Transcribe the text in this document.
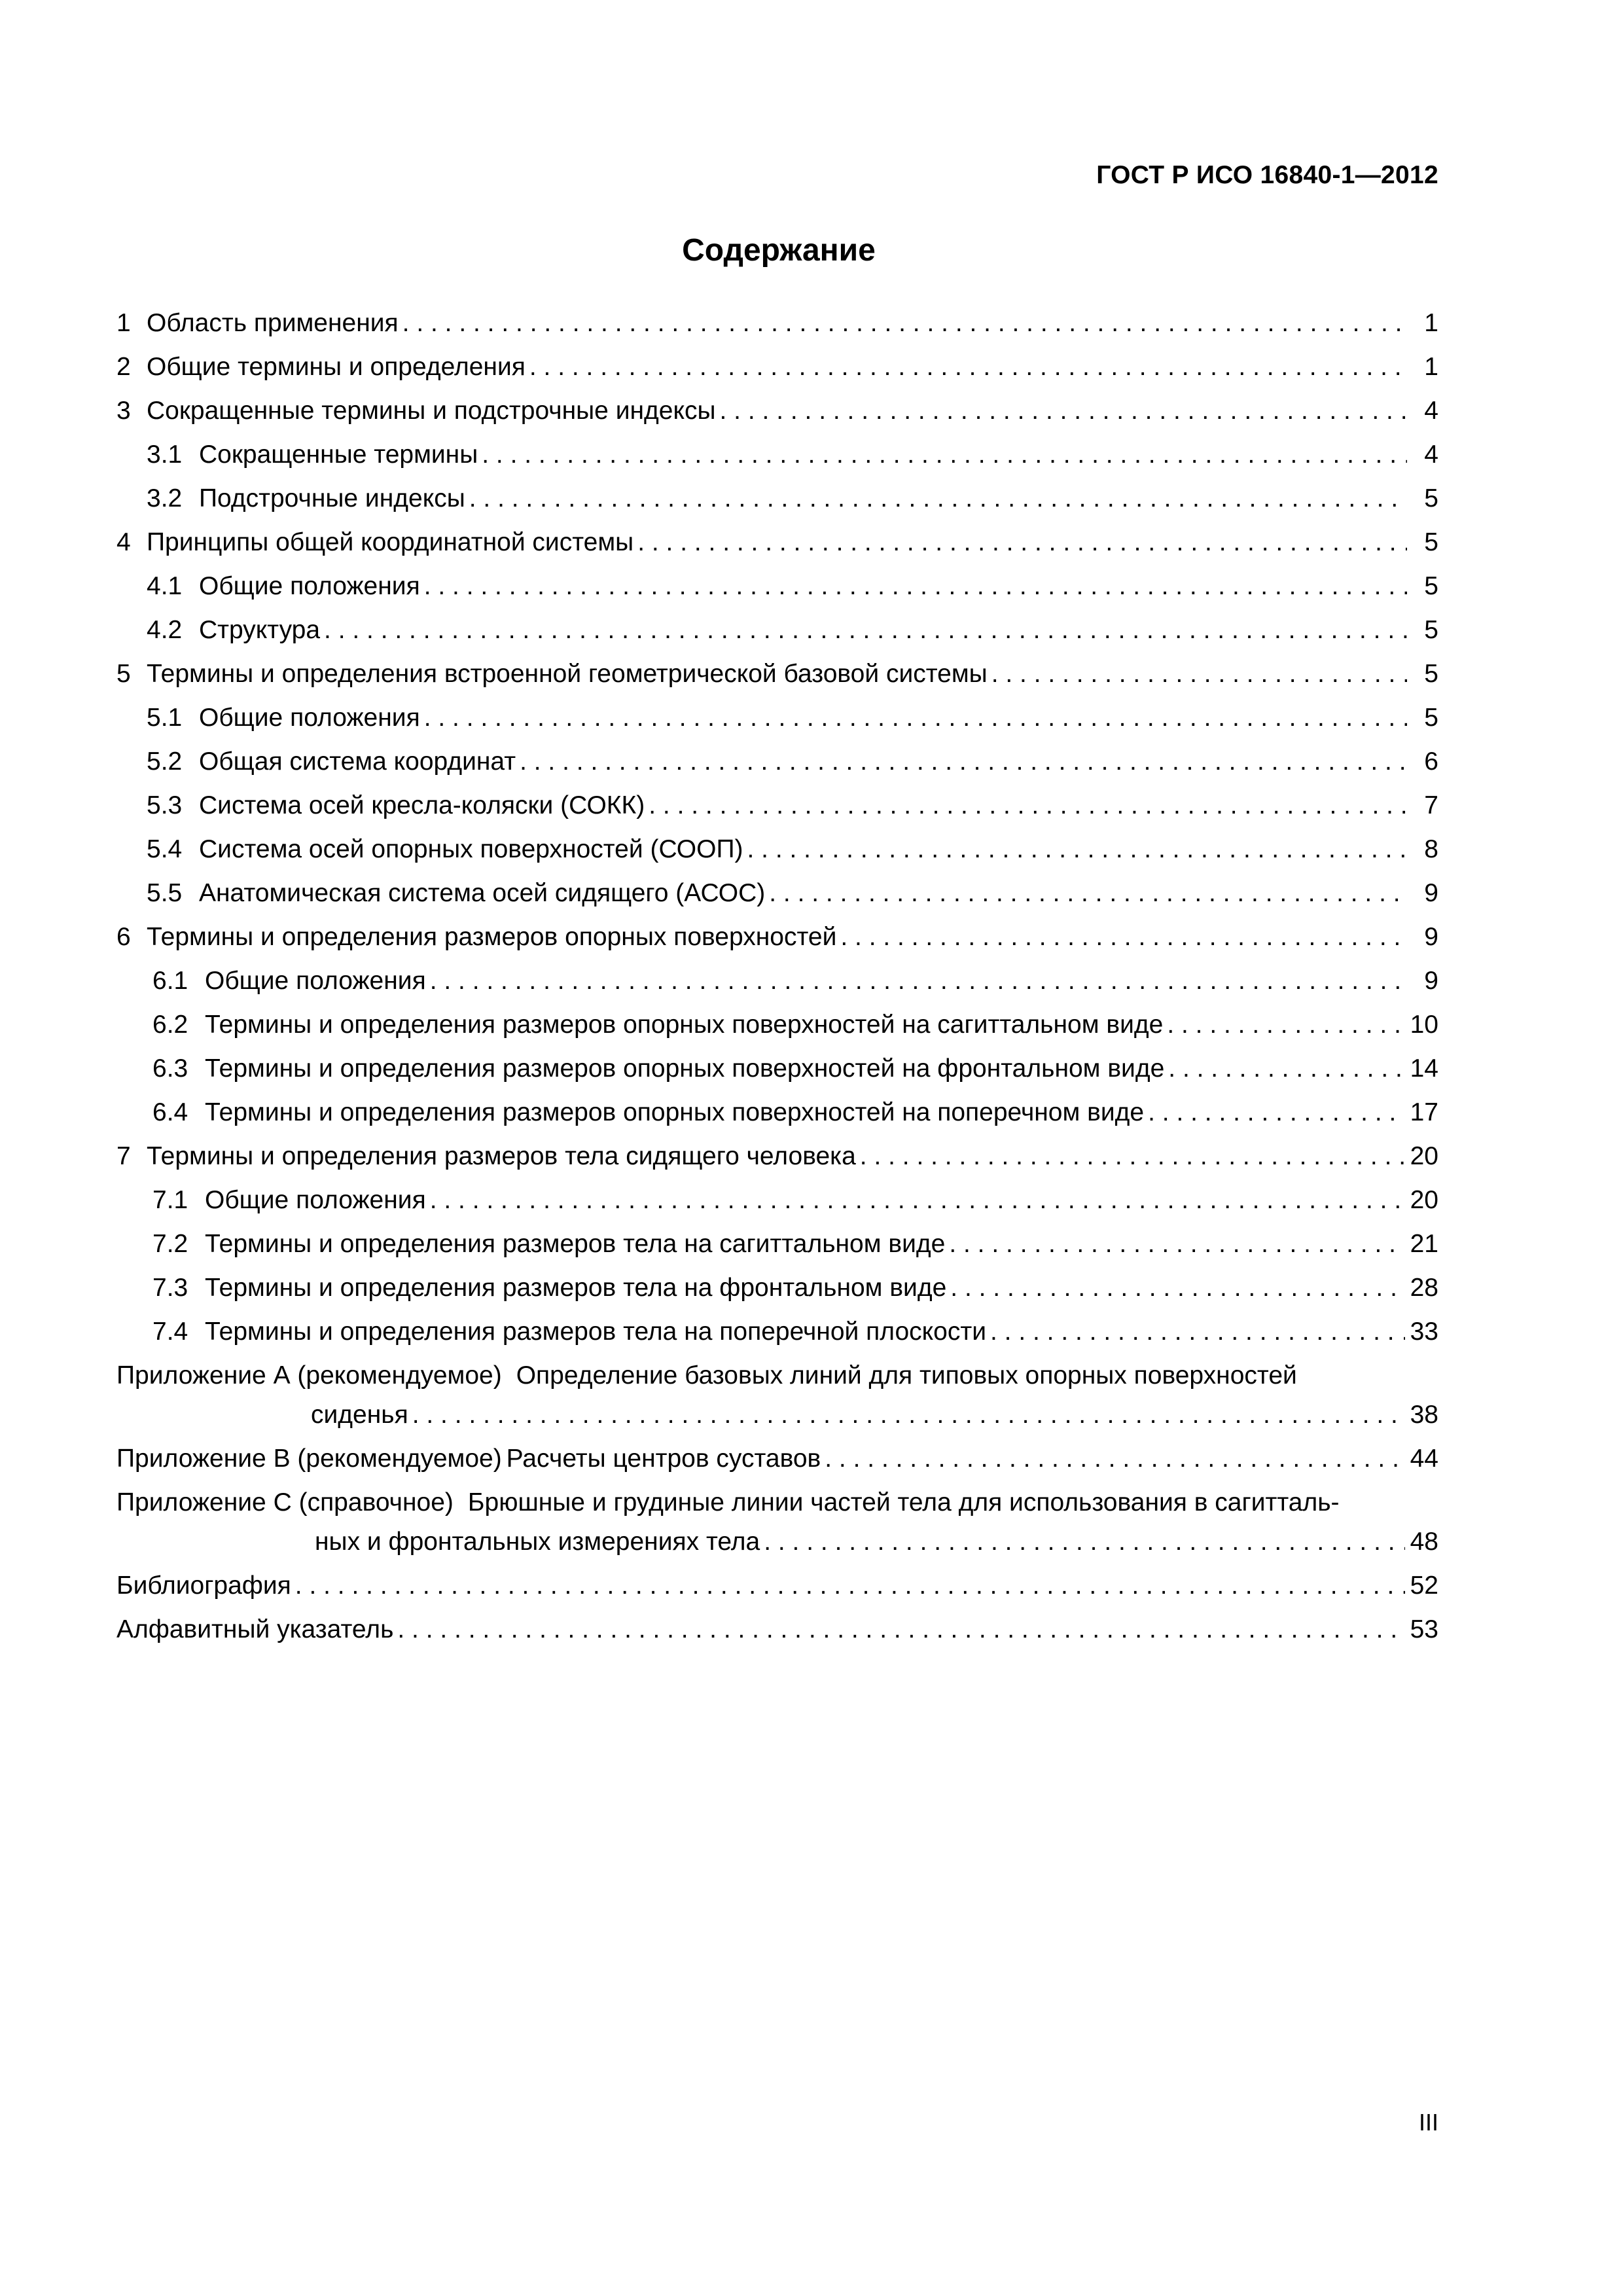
ГОСТ Р ИСО 16840-1—2012
Содержание
1 Область применения . . .	1
2 Общие термины и определения . . .	1
3 Сокращенные термины и подстрочные индексы . . .	4
3.1 Сокращенные термины . . .	4
3.2 Подстрочные индексы . . .	5
4 Принципы общей координатной системы . . .	5
4.1 Общие положения . . .	5
4.2 Структура . . .	5
5 Термины и определения встроенной геометрической базовой системы . . .	5
5.1 Общие положения . . .	5
5.2 Общая система координат . . .	6
5.3 Система осей кресла-коляски (СОКК) . . .	7
5.4 Система осей опорных поверхностей (СООП) . . .	8
5.5 Анатомическая система осей сидящего (АСОС) . . .	9
6 Термины и определения размеров опорных поверхностей . . .	9
6.1 Общие положения . . .	9
6.2 Термины и определения размеров опорных поверхностей на сагиттальном виде . . .	10
6.3 Термины и определения размеров опорных поверхностей на фронтальном виде . . .	14
6.4 Термины и определения размеров опорных поверхностей на поперечном виде . . .	17
7 Термины и определения размеров тела сидящего человека . . .	20
7.1 Общие положения . . .	20
7.2 Термины и определения размеров тела на сагиттальном виде . . .	21
7.3 Термины и определения размеров тела на фронтальном виде . . .	28
7.4 Термины и определения размеров тела на поперечной плоскости . . .	33
Приложение А (рекомендуемое) Определение базовых линий для типовых опорных поверхностей
сиденья . . .	38
Приложение В (рекомендуемое) Расчеты центров суставов . . .	44
Приложение С (справочное) Брюшные и грудиные линии частей тела для использования в сагитталь-
ных и фронтальных измерениях тела . . .	48
Библиография . . .	52
Алфавитный указатель . . .	53
III
